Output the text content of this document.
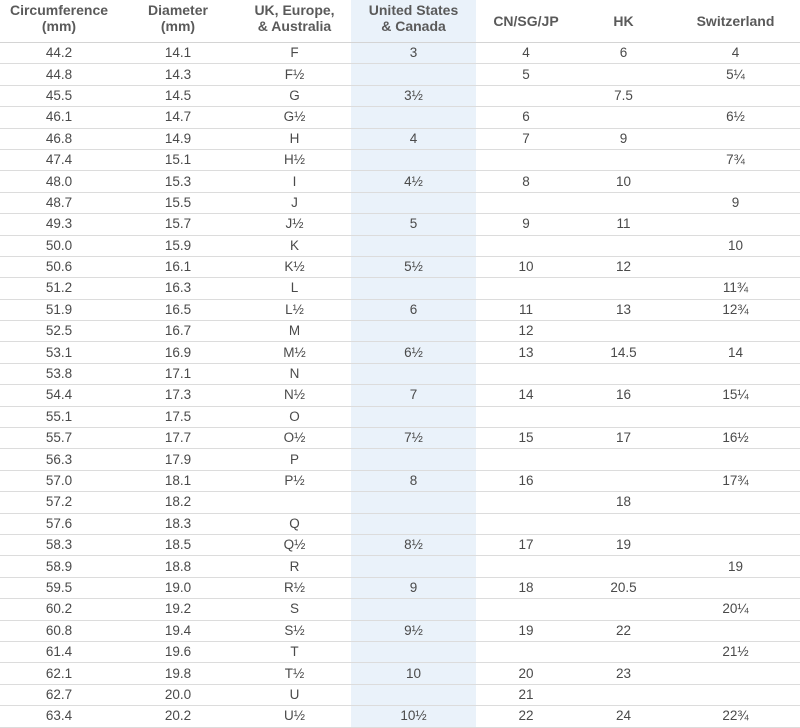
Circumference
(mm)	Diameter
(mm)	UK, Europe,
& Australia	United States
& Canada	CN/SG/JP	HK	Switzerland
44.2	14.1	F	3	4	6	4
44.8	14.3	F½		5		5¼
45.5	14.5	G	3½		7.5	
46.1	14.7	G½		6		6½
46.8	14.9	H	4	7	9	
47.4	15.1	H½				7¾
48.0	15.3	I	4½	8	10	
48.7	15.5	J				9
49.3	15.7	J½	5	9	11	
50.0	15.9	K				10
50.6	16.1	K½	5½	10	12	
51.2	16.3	L				11¾
51.9	16.5	L½	6	11	13	12¾
52.5	16.7	M		12		
53.1	16.9	M½	6½	13	14.5	14
53.8	17.1	N				
54.4	17.3	N½	7	14	16	15¼
55.1	17.5	O				
55.7	17.7	O½	7½	15	17	16½
56.3	17.9	P				
57.0	18.1	P½	8	16		17¾
57.2	18.2				18	
57.6	18.3	Q				
58.3	18.5	Q½	8½	17	19	
58.9	18.8	R				19
59.5	19.0	R½	9	18	20.5	
60.2	19.2	S				20¼
60.8	19.4	S½	9½	19	22	
61.4	19.6	T				21½
62.1	19.8	T½	10	20	23	
62.7	20.0	U		21		
63.4	20.2	U½	10½	22	24	22¾
